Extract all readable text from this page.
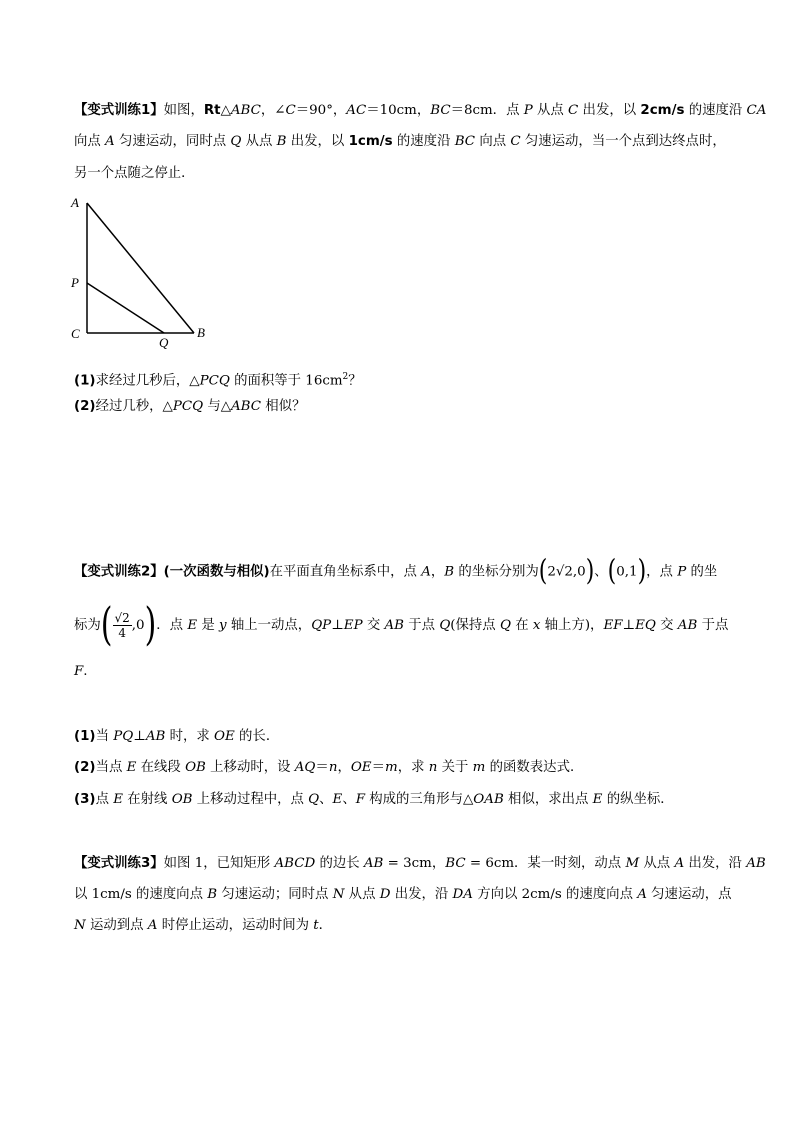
【变式训练1】如图，Rt△ABC，∠C＝90°，AC＝10cm，BC＝8cm．点 P 从点 C 出发，以 2cm/s 的速度沿 CA
向点 A 匀速运动，同时点 Q 从点 B 出发，以 1cm/s 的速度沿 BC 向点 C 匀速运动，当一个点到达终点时，
另一个点随之停止．
A
P
C
Q
B
(1)求经过几秒后，△PCQ 的面积等于 $16cm^2$？
(2)经过几秒，△PCQ 与△ABC 相似？
【变式训练2】(一次函数与相似)在平面直角坐标系中，点 A，B 的坐标分别为(2√2,0)、(0,1)，点 P 的坐
标为( $\frac{√2}{4} ,0$)．点 E 是 y 轴上一动点，QP⊥EP 交 AB 于点 Q(保持点 Q 在 x 轴上方)，EF⊥EQ 交 AB 于点
F.
(1)当 PQ⊥AB 时，求 OE 的长．
(2)当点 E 在线段 OB 上移动时，设 AQ＝n，OE＝m，求 n 关于 m 的函数表达式．
(3)点 E 在射线 OB 上移动过程中，点 Q、E、F 构成的三角形与△OAB 相似，求出点 E 的纵坐标．
【变式训练3】如图 1，已知矩形 ABCD 的边长 AB = 3cm，BC = 6cm．某一时刻，动点 M 从点 A 出发，沿 AB
以 1cm/s 的速度向点 B 匀速运动；同时点 N 从点 D 出发，沿 DA 方向以 2cm/s 的速度向点 A 匀速运动，点
N 运动到点 A 时停止运动，运动时间为 t．
